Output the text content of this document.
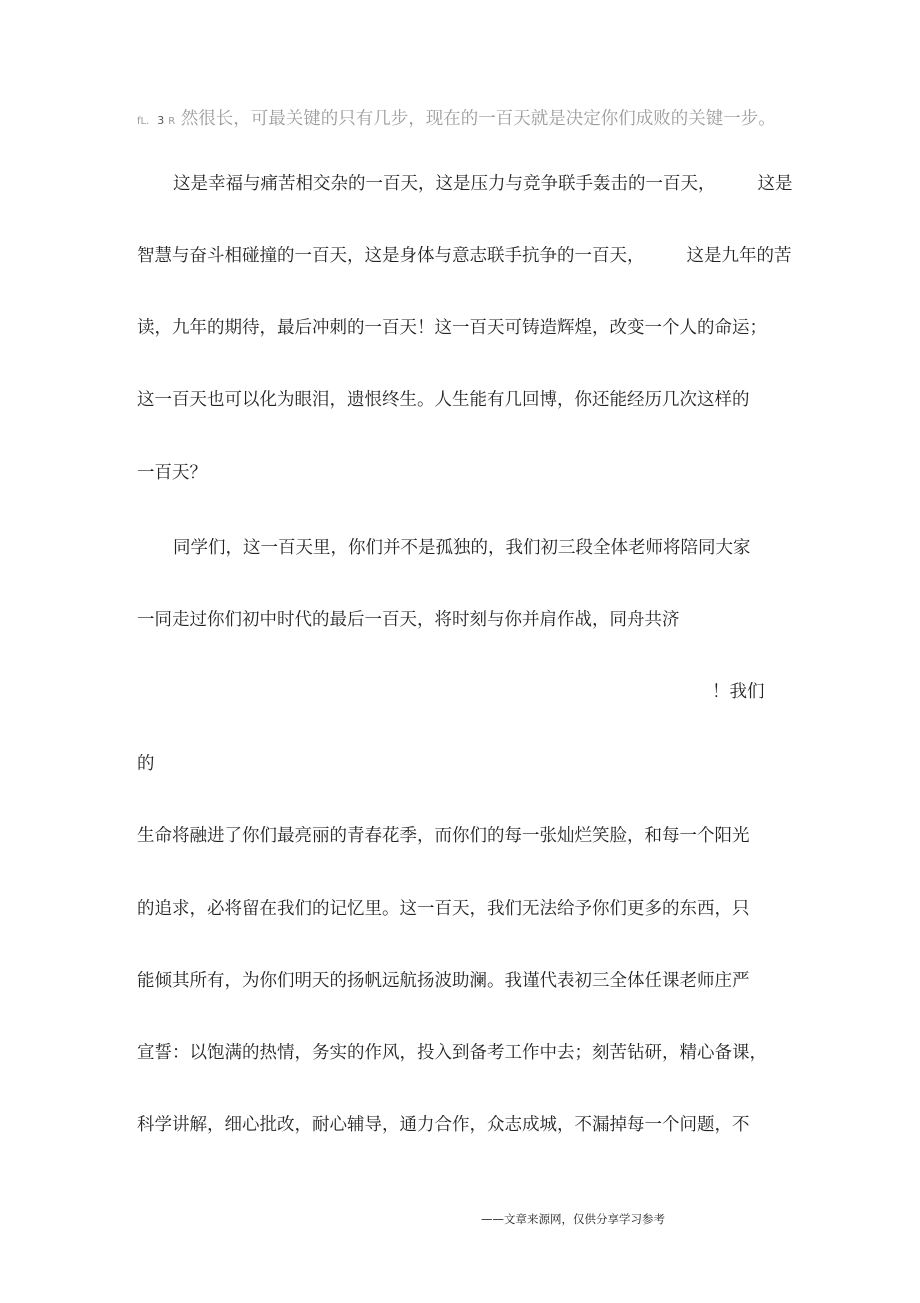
fL. 3 R 然很长，可最关键的只有几步，现在的一百天就是决定你们成败的关键一步。
这是幸福与痛苦相交杂的一百天，这是压力与竞争联手轰击的一百天， 这是
智慧与奋斗相碰撞的一百天，这是身体与意志联手抗争的一百天， 这是九年的苦
读，九年的期待，最后冲刺的一百天！这一百天可铸造辉煌，改变一个人的命运；
这一百天也可以化为眼泪，遗恨终生。人生能有几回博，你还能经历几次这样的
一百天？
同学们，这一百天里，你们并不是孤独的，我们初三段全体老师将陪同大家
一同走过你们初中时代的最后一百天，将时刻与你并肩作战，同舟共济
！我们
的
生命将融进了你们最亮丽的青春花季，而你们的每一张灿烂笑脸，和每一个阳光
的追求，必将留在我们的记忆里。这一百天，我们无法给予你们更多的东西，只
能倾其所有，为你们明天的扬帆远航扬波助澜。我谨代表初三全体任课老师庄严
宣誓：以饱满的热情，务实的作风，投入到备考工作中去；刻苦钻研，精心备课，
科学讲解，细心批改，耐心辅导，通力合作，众志成城，不漏掉每一个问题，不
——文章来源网，仅供分享学习参考
